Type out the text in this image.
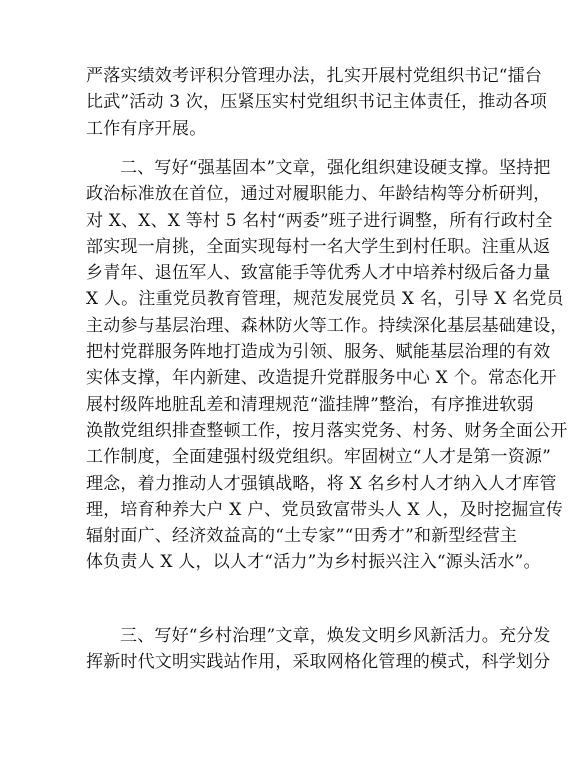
严落实绩效考评积分管理办法，扎实开展村党组织书记“擂台
比武”活动 3 次，压紧压实村党组织书记主体责任，推动各项
工作有序开展。

二、写好“强基固本”文章，强化组织建设硬支撑。坚持把
政治标准放在首位，通过对履职能力、年龄结构等分析研判，
对 X、X、X 等村 5 名村“两委”班子进行调整，所有行政村全
部实现一肩挑，全面实现每村一名大学生到村任职。注重从返
乡青年、退伍军人、致富能手等优秀人才中培养村级后备力量
X 人。注重党员教育管理，规范发展党员 X 名，引导 X 名党员
主动参与基层治理、森林防火等工作。持续深化基层基础建设，
把村党群服务阵地打造成为引领、服务、赋能基层治理的有效
实体支撑，年内新建、改造提升党群服务中心 X 个。常态化开
展村级阵地脏乱差和清理规范“滥挂牌”整治，有序推进软弱
涣散党组织排查整顿工作，按月落实党务、村务、财务全面公开
工作制度，全面建强村级党组织。牢固树立“人才是第一资源”
理念，着力推动人才强镇战略，将 X 名乡村人才纳入人才库管
理，培育种养大户 X 户、党员致富带头人 X 人，及时挖掘宣传
辐射面广、经济效益高的“土专家”“田秀才”和新型经营主
体负责人 X 人，以人才“活力”为乡村振兴注入“源头活水”。

三、写好“乡村治理”文章，焕发文明乡风新活力。充分发
挥新时代文明实践站作用，采取网格化管理的模式，科学划分
